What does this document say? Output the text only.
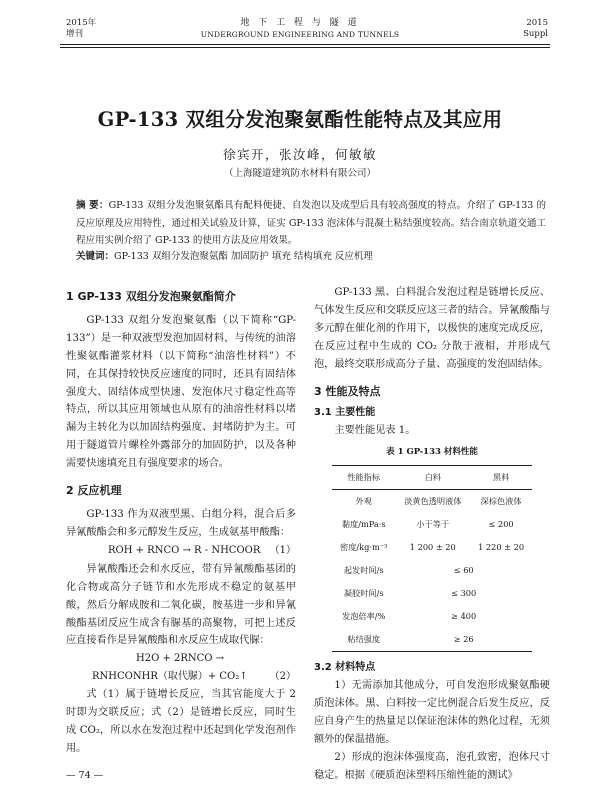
2015年
增刊
地 下 工 程 与 隧 道
UNDERGROUND ENGINEERING AND TUNNELS
2015
Suppl
GP-133 双组分发泡聚氨酯性能特点及其应用
徐宾开，张汝峰，何敏敏
（上海隧道建筑防水材料有限公司）
摘 要：GP-133 双组分发泡聚氨酯具有配料便捷、自发泡以及成型后具有较高强度的特点。介绍了 GP-133 的反应原理及应用特性，通过相关试验及计算，证实 GP-133 泡沫体与混凝土粘结强度较高。结合南京轨道交通工程应用实例介绍了 GP-133 的使用方法及应用效果。
关键词：GP-133 双组分发泡聚氨酯 加固防护 填充 结构填充 反应机理

1 GP-133 双组分发泡聚氨酯简介

GP-133 双组分发泡聚氨酯（以下简称“GP-133”）是一种双液型发泡加固材料，与传统的油溶性聚氨酯灌浆材料（以下简称“油溶性材料”）不同，在其保持较快反应速度的同时，还具有固结体强度大、固结体成型快速、发泡体尺寸稳定性高等特点，所以其应用领域也从原有的油溶性材料以堵漏为主转化为以加固结构强度、封堵防护为主。可用于隧道管片螺栓外露部分的加固防护，以及各种需要快速填充且有强度要求的场合。

2 反应机理

GP-133 作为双液型黑、白组分料，混合后多异氰酸酯会和多元醇发生反应，生成氨基甲酸酯：

ROH + RNCO → R - NHCOOR （1）

异氰酸酯还会和水反应，带有异氰酸酯基团的化合物或高分子链节和水先形成不稳定的氨基甲酸，然后分解成胺和二氧化碳，胺基进一步和异氰酸酯基团反应生成含有脲基的高聚物，可把上述反应直接看作是异氰酸酯和水反应生成取代脲：

H2O + 2RNCO →
RNHCONHR（取代脲）+ CO₂↑ （2）

式（1）属于链增长反应，当其官能度大于 2 时即为交联反应；式（2）是链增长反应，同时生成 CO₂，所以水在发泡过程中还起到化学发泡剂作用。

GP-133 黑、白料混合发泡过程是链增长反应、气体发生反应和交联反应这三者的结合。异氰酸酯与多元醇在催化剂的作用下，以极快的速度完成反应，在反应过程中生成的 CO₂ 分散于液相，并形成气泡，最终交联形成高分子量、高强度的发泡固结体。

3 性能及特点

3.1 主要性能

主要性能见表 1。

表 1 GP-133 材料性能

性能指标	白料	黑料
外观	淡黄色透明液体	深棕色液体
黏度/mPa·s	小于等于	≤ 200
密度/kg·m⁻³	1 200 ± 20	1 220 ± 20
起发时间/s	≤ 60	
凝胶时间/s	≤ 300	
发泡倍率/%	≥ 400	
粘结强度	≥ 26	

3.2 材料特点

1）无需添加其他成分，可自发泡形成聚氨酯硬质泡沫体。黑、白料按一定比例混合后发生反应，反应自身产生的热量足以保证泡沫体的熟化过程，无须额外的保温措施。

2）形成的泡沫体强度高，泡孔致密，泡体尺寸稳定。根据《硬质泡沫塑料压缩性能的测试》

— 74 —
